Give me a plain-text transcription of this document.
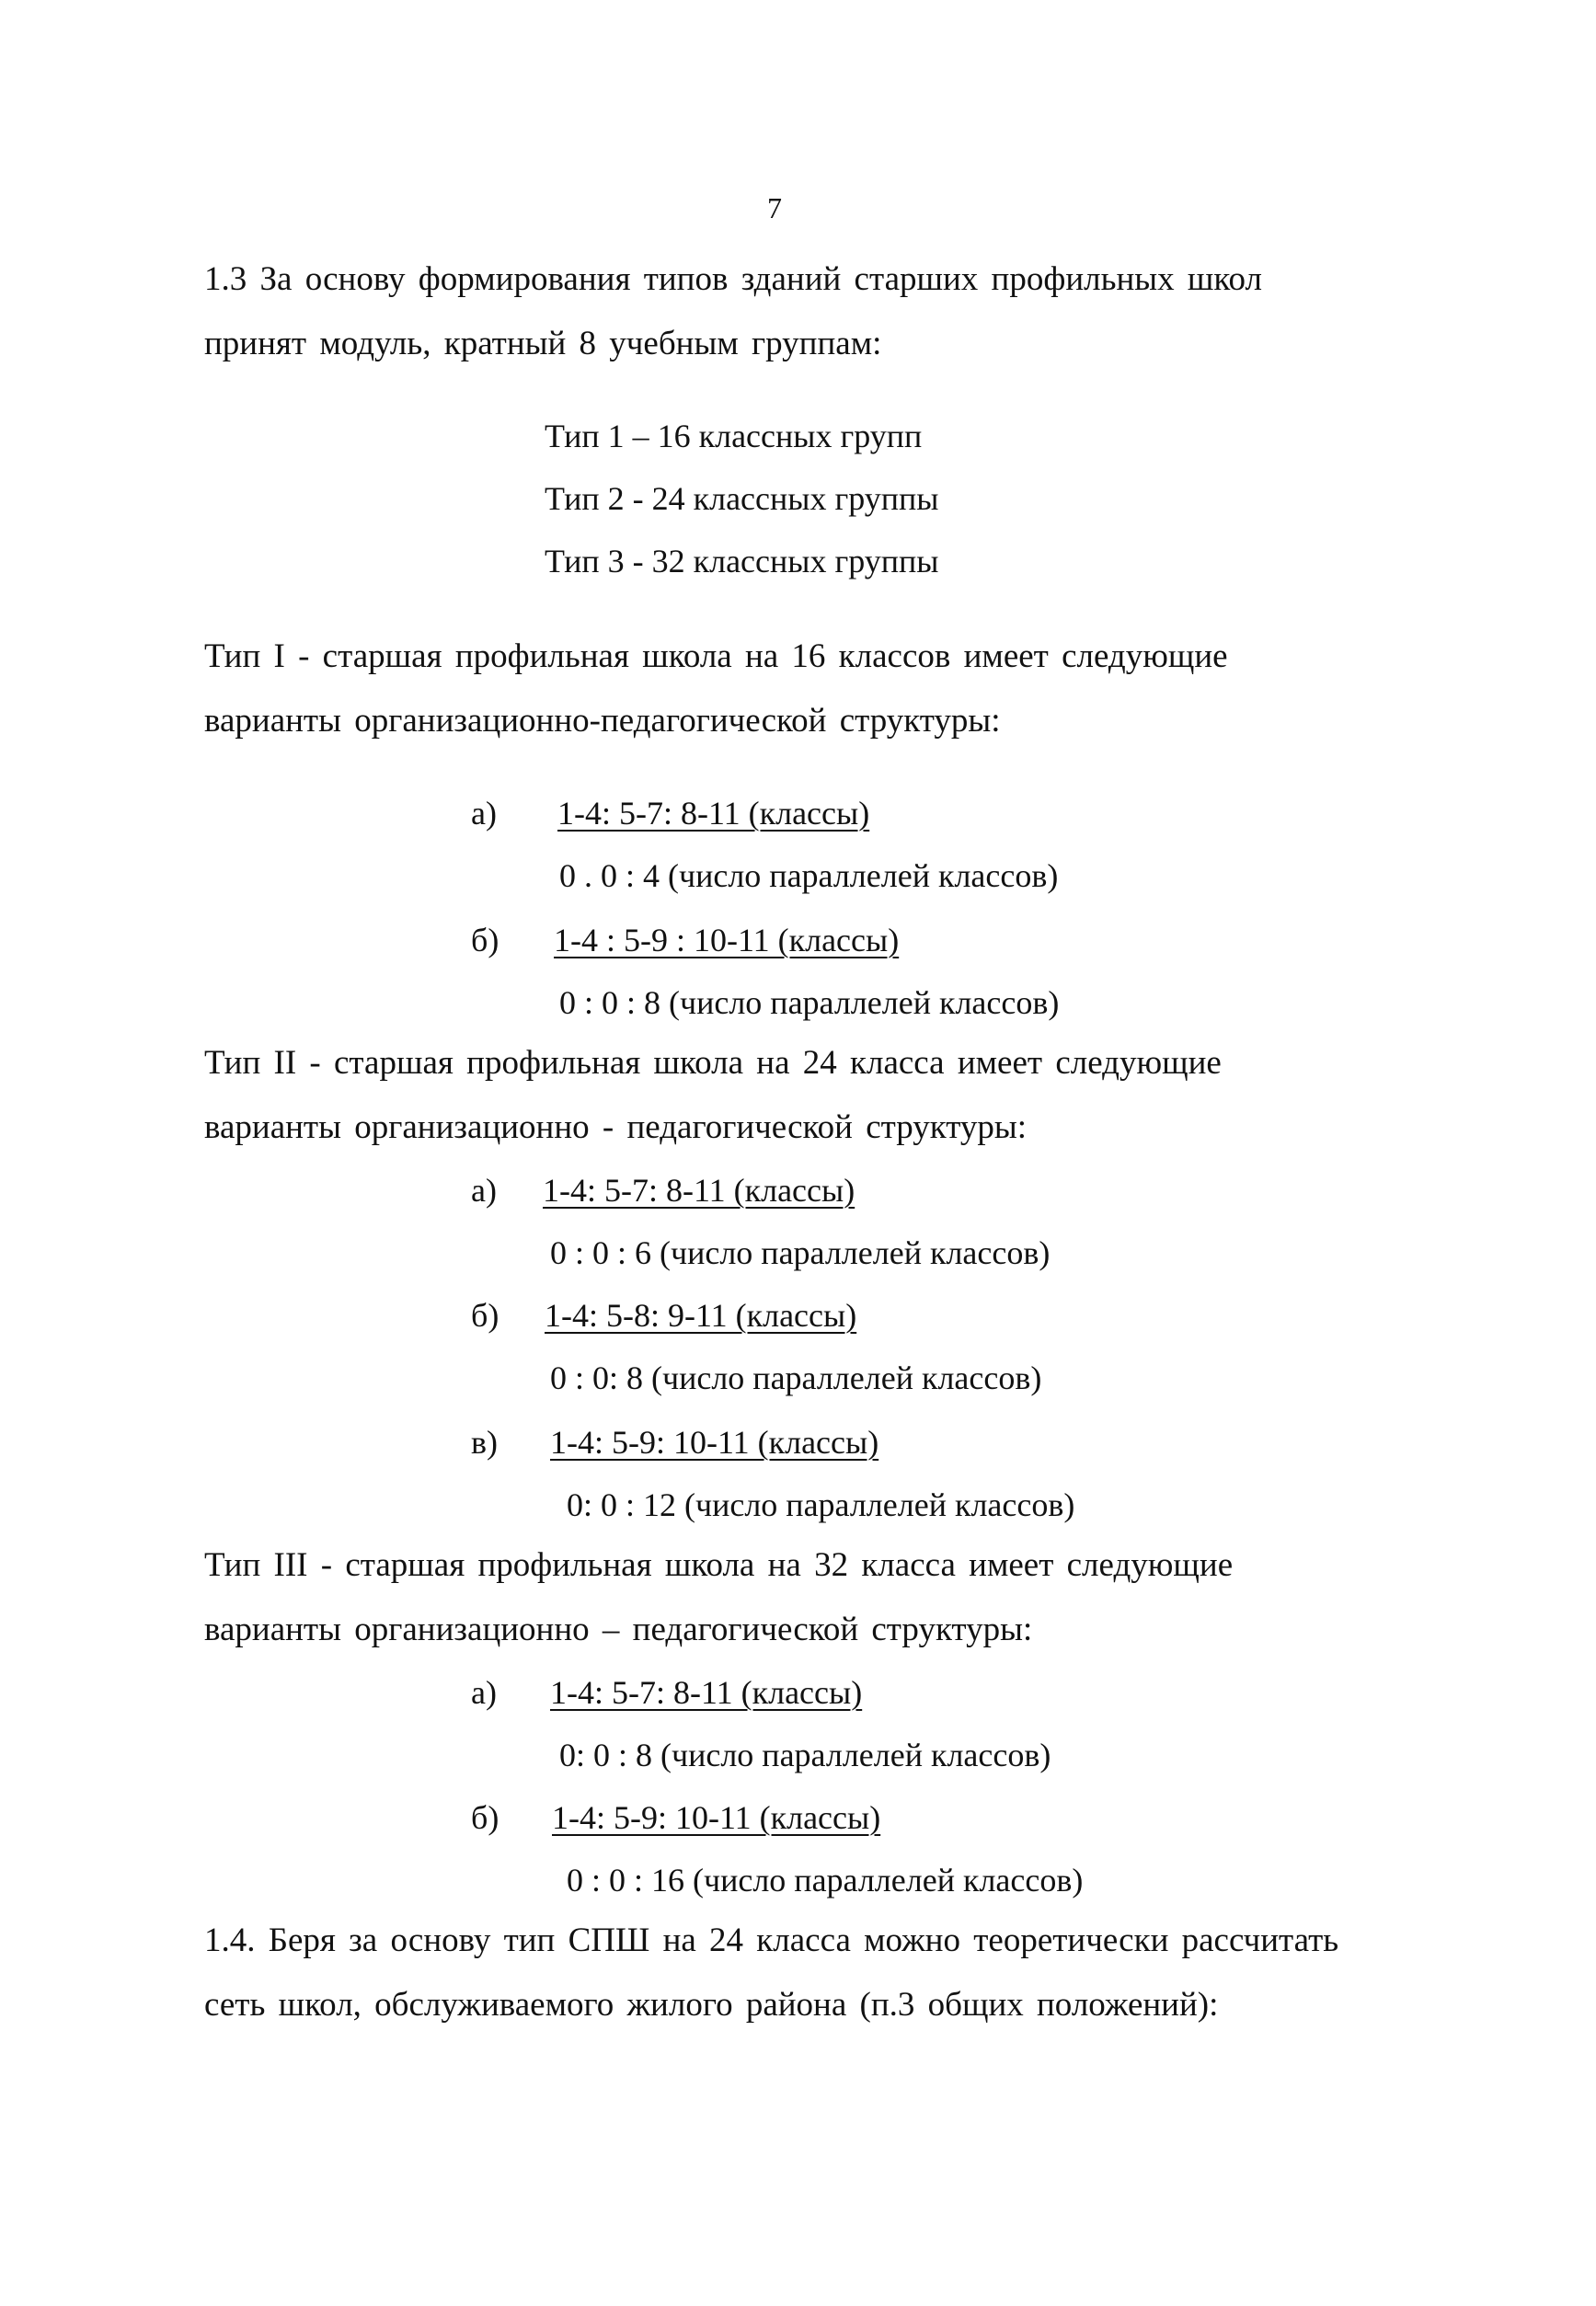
7
1.3 За основу формирования типов зданий старших профильных школ
принят модуль, кратный 8 учебным группам:
Тип 1 – 16 классных групп
Тип 2 - 24 классных группы
Тип 3 - 32 классных группы
Тип I - старшая профильная школа на 16 классов имеет следующие
варианты организационно-педагогической структуры:
а) 1-4: 5-7: 8-11 (классы)
0 . 0 : 4 (число параллелей классов)
б) 1-4 : 5-9 : 10-11 (классы)
0 : 0 : 8 (число параллелей классов)
Тип II - старшая профильная школа на 24 класса имеет следующие
варианты организационно - педагогической структуры:
а) 1-4: 5-7: 8-11 (классы)
0 : 0 : 6 (число параллелей классов)
б) 1-4: 5-8: 9-11 (классы)
0 : 0: 8 (число параллелей классов)
в) 1-4: 5-9: 10-11 (классы)
0: 0 : 12 (число параллелей классов)
Тип III - старшая профильная школа на 32 класса имеет следующие
варианты организационно – педагогической структуры:
а) 1-4: 5-7: 8-11 (классы)
0: 0 : 8 (число параллелей классов)
б) 1-4: 5-9: 10-11 (классы)
0 : 0 : 16 (число параллелей классов)
1.4. Беря за основу тип СПШ на 24 класса можно теоретически рассчитать
сеть школ, обслуживаемого жилого района (п.3 общих положений):
